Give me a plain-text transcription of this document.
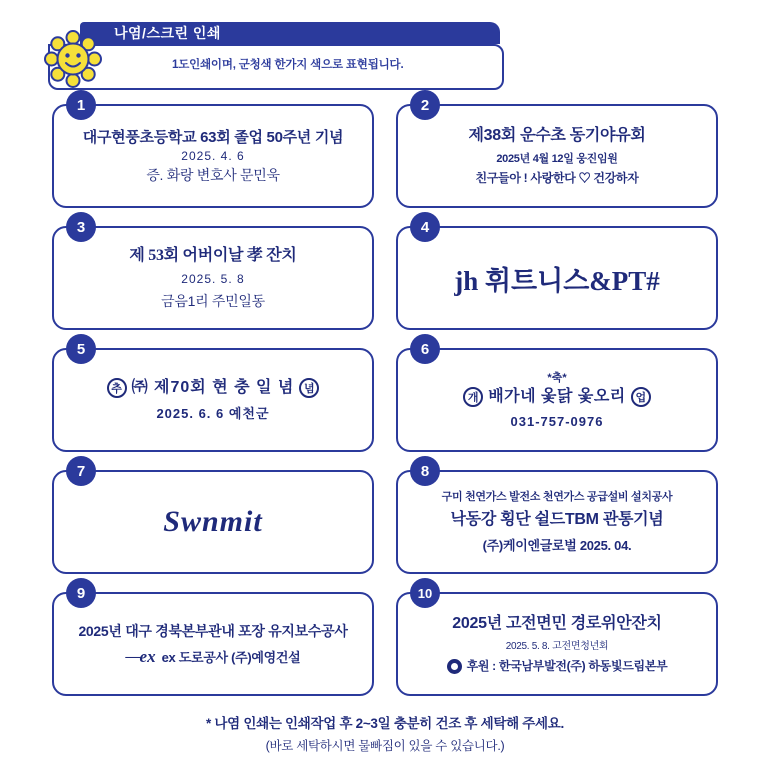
나염/스크린 인쇄
1도인쇄이며, 군청색 한가지 색으로 표현됩니다.
1
대구현풍초등학교 63회 졸업 50주년 기념
2025. 4. 6
증. 화랑 변호사 문민욱
2
제38회 운수초 동기야유회
2025년 4월 12일 웅진임원
친구들아 ! 사랑한다 ♡ 건강하자
3
제 53회 어버이날 孝 잔치
2025. 5. 8
금음1리 주민일동
4
jh 휘트니스&PT#
5
추 ㈜ 제70회 현 충 일 념 념
2025. 6. 6 예천군
6
*축*
개 배가네 옻닭 옻오리 업
031-757-0976
7
Swnmit
8
구미 천연가스 발전소 천연가스 공급설비 설치공사
낙동강 횡단 쉴드TBM 관통기념
(주)케이엔글로벌 2025. 04.
9
2025년 대구 경북본부관내 포장 유지보수공사
— ex ex 도로공사 (주)예영건설
10
2025년 고전면민 경로위안잔치
2025. 5. 8. 고전면청년회
후원 : 한국남부발전(주) 하동빛드림본부
* 나염 인쇄는 인쇄작업 후 2~3일 충분히 건조 후 세탁해 주세요.
(바로 세탁하시면 물빠짐이 있을 수 있습니다.)
